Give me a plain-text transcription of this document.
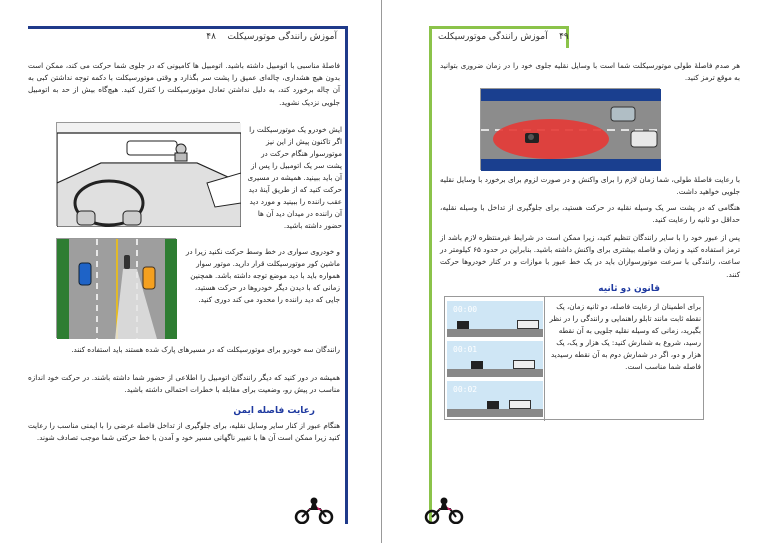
آموزش رانندگی موتورسیکلت    ۴۸
فاصلهٔ مناسبی با اتومبیل داشته باشید. اتومبیل ها کامیونی که در جلوی شما حرکت می کند، ممکن است بدون هیچ هشداری، چاله‌ای عمیق را پشت سر بگذارد و وقتی موتورسیکلت با دکمه توجه نداشتن کبی به آن چاله برخورد کند، به دلیل نداشتن تعادل موتورسیکلت را کنترل کنید. هیچ‌گاه بیش از حد به اتومبیل جلویی نزدیک نشوید.
ایش خودرو یک موتورسیکلت را اگر تاکنون پیش از این نیز موتورسوار هنگام حرکت در پشت سر یک اتومبیل را پس از آن باید ببینید. همیشه در مسیری حرکت کنید که از طریق آینهٔ دید عقب راننده را ببینید و مورد دید آن راننده در میدان دید آن ها حضور داشته باشید.
و خودروی سواری در خط وسط حرکت نکنید زیرا در ماشین کور موتورسیکلت قرار دارید. موتور سوار همواره باید با دید موضع توجه داشته باشد. همچنین زمانی که با دیدن دیگر خودروها در حرکت هستید، جایی که دید راننده را محدود می کند دوری کنید.
رانندگان سه خودرو برای موتورسیکلت که در مسیرهای پارک شده هستند باید استفاده کنند.
همیشه در دور کنید که دیگر رانندگان اتومبیل را اطلاعی از حضور شما داشته باشند. در حرکت خود اندازه مناسب در پیش رو، وضعیت برای مقابله با خطرات احتمالی داشته باشید.
رعایت فاصله ایمن
هنگام عبور از کنار سایر وسایل نقلیه، برای جلوگیری از تداخل فاصله عرضی را با ایمنی مناسب را رعایت کنید زیرا ممکن است آن ها با تغییر ناگهانی مسیر خود و آمدن با خط حرکتی شما موجب تصادف شوند.
۴۹    آموزش رانندگی موتورسیکلت
هر صدم فاصلهٔ طولی موتورسیکلت شما است با وسایل نقلیه جلوی خود را در زمان ضروری بتوانید به موقع ترمز کنید.
با رعایت فاصلهٔ طولی، شما زمان لازم را برای واکنش و در صورت لزوم برای برخورد با وسایل نقلیه جلویی خواهید داشت.
هنگامی که در پشت سر یک وسیله نقلیه در حرکت هستید، برای جلوگیری از تداخل با وسیله نقلیه، حداقل دو ثانیه را رعایت کنید.
پس از عبور خود را با سایر رانندگان تنظیم کنید، زیرا ممکن است در شرایط غیرمنتظره لازم باشد از ترمز استفاده کنید و زمان و فاصله بیشتری برای واکنش داشته باشید. بنابراین در حدود ۶۵ کیلومتر در ساعت، رانندگی با سرعت موتورسواران باید در یک خط عبور با موازات و در کنار خودروها حرکت کنند.
قانون دو ثانیه
00:00
00:01
00:02
برای اطمینان از رعایت فاصله، دو ثانیه زمان، یک نقطه ثابت مانند تابلو راهنمایی و رانندگی را در نظر بگیرید، زمانی که وسیله نقلیه جلویی به آن نقطه رسید، شروع به شمارش کنید: یک هزار و یک، یک هزار و دو، اگر در شمارش دوم به آن نقطه رسیدید فاصله شما مناسب است.
